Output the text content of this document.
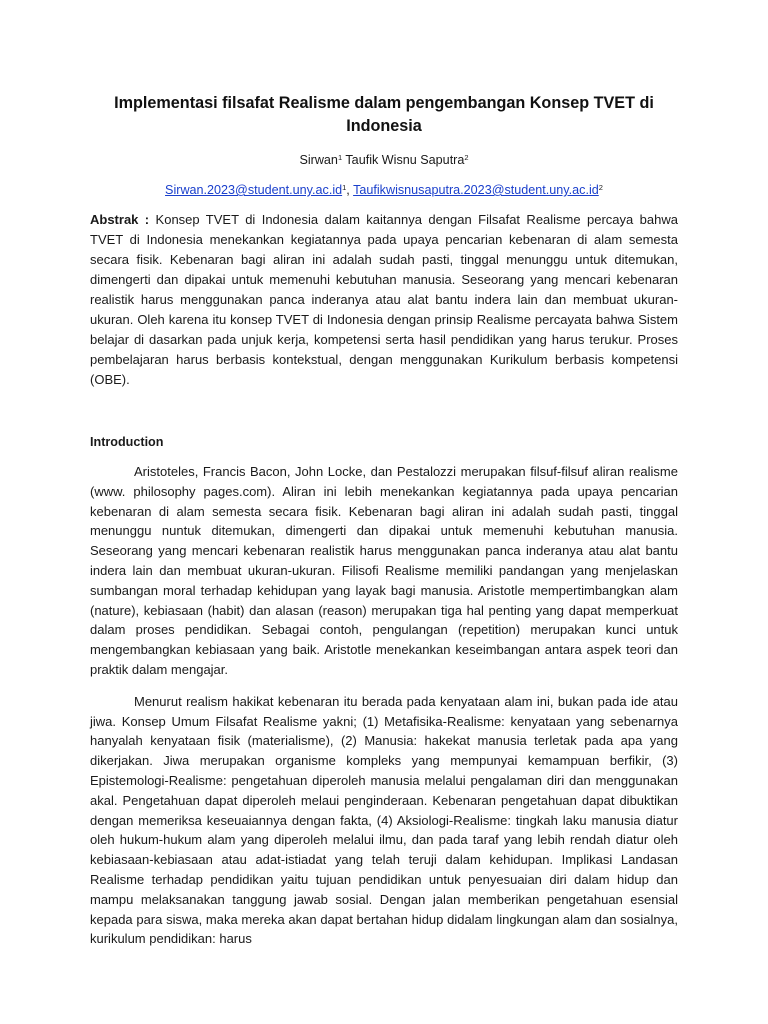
Implementasi filsafat Realisme dalam pengembangan Konsep TVET di Indonesia
Sirwan$^1$ Taufik Wisnu Saputra$^2$
$Sirwan.2023@student.uny.ac.id^1$, $Taufikwisnusaputra.2023@student.uny.ac.id^2$
Abstrak : Konsep TVET di Indonesia dalam kaitannya dengan Filsafat Realisme percaya bahwa TVET di Indonesia menekankan kegiatannya pada upaya pencarian kebenaran di alam semesta secara fisik. Kebenaran bagi aliran ini adalah sudah pasti, tinggal menunggu untuk ditemukan, dimengerti dan dipakai untuk memenuhi kebutuhan manusia. Seseorang yang mencari kebenaran realistik harus menggunakan panca inderanya atau alat bantu indera lain dan membuat ukuran-ukuran. Oleh karena itu konsep TVET di Indonesia dengan prinsip Realisme percayata bahwa Sistem belajar di dasarkan pada unjuk kerja, kompetensi serta hasil pendidikan yang harus terukur. Proses pembelajaran harus berbasis kontekstual, dengan menggunakan Kurikulum berbasis kompetensi (OBE).
Introduction

Aristoteles, Francis Bacon, John Locke, dan Pestalozzi merupakan filsuf-filsuf aliran realisme (www. philosophy pages.com). Aliran ini lebih menekankan kegiatannya pada upaya pencarian kebenaran di alam semesta secara fisik. Kebenaran bagi aliran ini adalah sudah pasti, tinggal menunggu nuntuk ditemukan, dimengerti dan dipakai untuk memenuhi kebutuhan manusia. Seseorang yang mencari kebenaran realistik harus menggunakan panca inderanya atau alat bantu indera lain dan membuat ukuran-ukuran. Filisofi Realisme memiliki pandangan yang menjelaskan sumbangan moral terhadap kehidupan yang layak bagi manusia. Aristotle mempertimbangkan alam (nature), kebiasaan (habit) dan alasan (reason) merupakan tiga hal penting yang dapat memperkuat dalam proses pendidikan. Sebagai contoh, pengulangan (repetition) merupakan kunci untuk mengembangkan kebiasaan yang baik. Aristotle menekankan keseimbangan antara aspek teori dan praktik dalam mengajar.

Menurut realism hakikat kebenaran itu berada pada kenyataan alam ini, bukan pada ide atau jiwa. Konsep Umum Filsafat Realisme yakni; (1) Metafisika-Realisme: kenyataan yang sebenarnya hanyalah kenyataan fisik (materialisme), (2) Manusia: hakekat manusia terletak pada apa yang dikerjakan. Jiwa merupakan organisme kompleks yang mempunyai kemampuan berfikir, (3) Epistemologi-Realisme: pengetahuan diperoleh manusia melalui pengalaman diri dan menggunakan akal. Pengetahuan dapat diperoleh melaui penginderaan. Kebenaran pengetahuan dapat dibuktikan dengan memeriksa keseuaiannya dengan fakta, (4) Aksiologi-Realisme: tingkah laku manusia diatur oleh hukum-hukum alam yang diperoleh melalui ilmu, dan pada taraf yang lebih rendah diatur oleh kebiasaan-kebiasaan atau adat-istiadat yang telah teruji dalam kehidupan. Implikasi Landasan Realisme terhadap pendidikan yaitu tujuan pendidikan untuk penyesuaian diri dalam hidup dan mampu melaksanakan tanggung jawab sosial. Dengan jalan memberikan pengetahuan esensial kepada para siswa, maka mereka akan dapat bertahan hidup didalam lingkungan alam dan sosialnya, kurikulum pendidikan: harus
